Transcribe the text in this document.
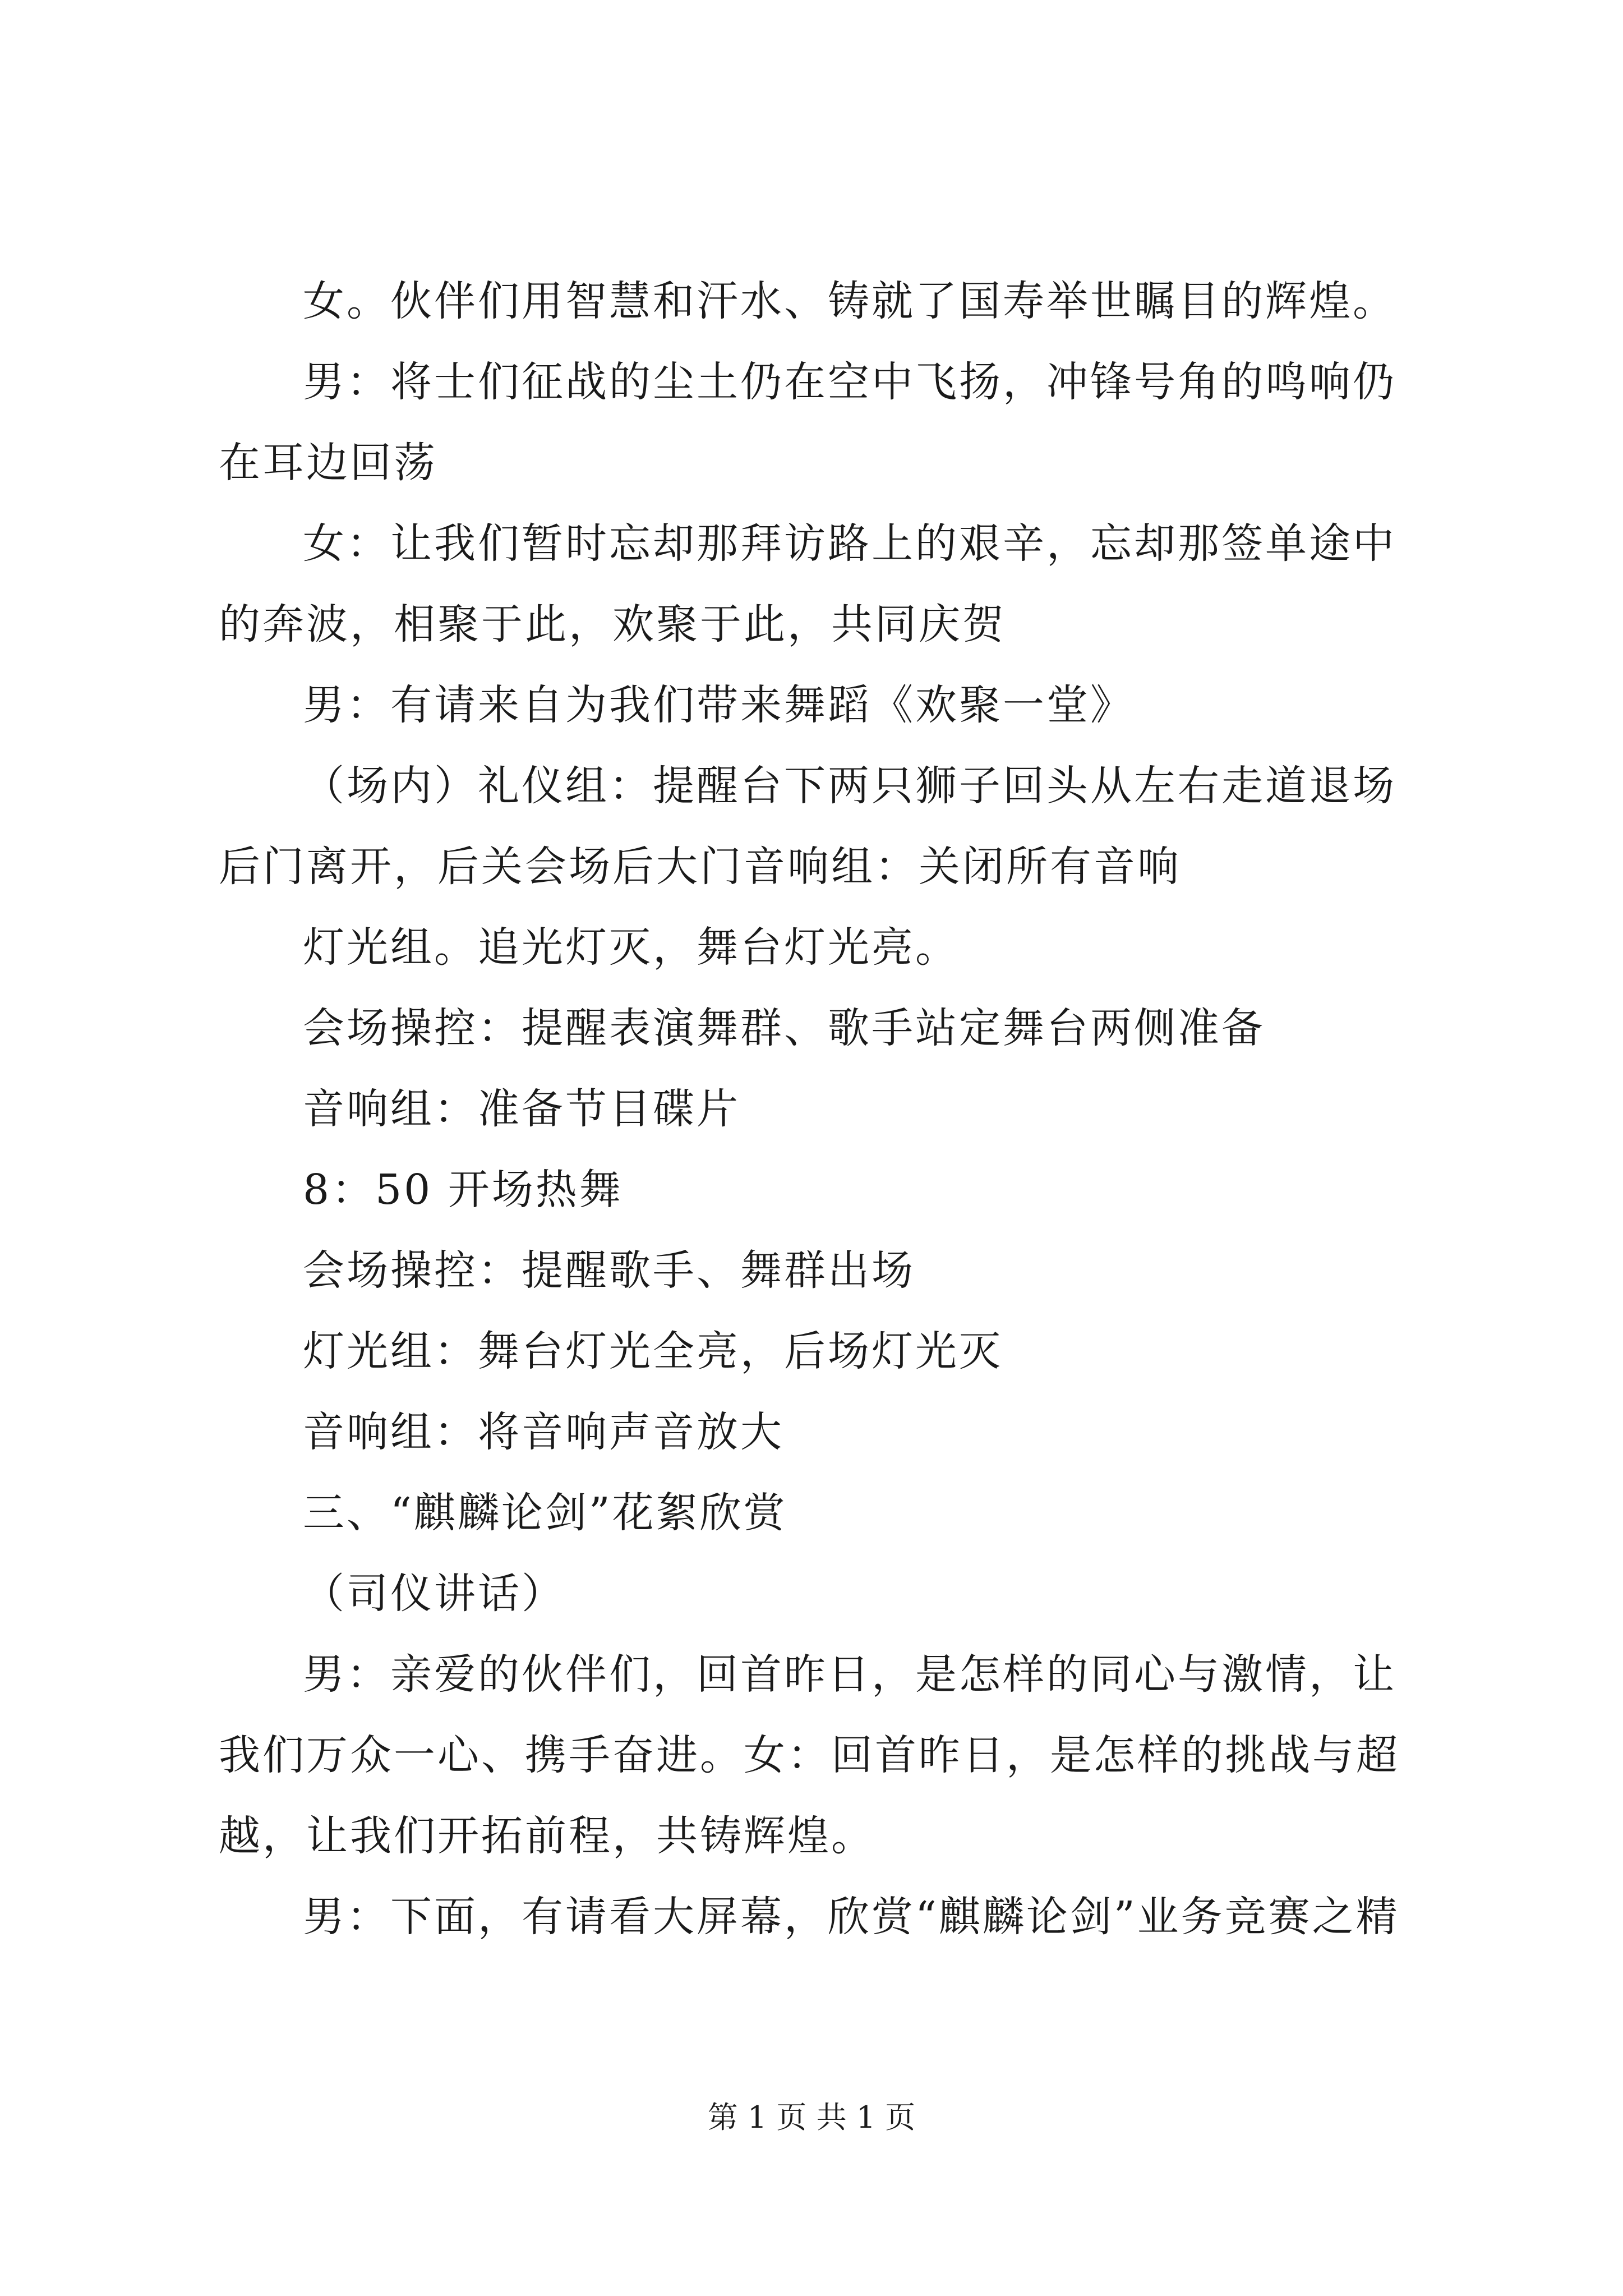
女。伙伴们用智慧和汗水、铸就了国寿举世瞩目的辉煌。

男：将士们征战的尘土仍在空中飞扬，冲锋号角的鸣响仍在耳边回荡

女：让我们暂时忘却那拜访路上的艰辛，忘却那签单途中的奔波，相聚于此，欢聚于此，共同庆贺

男：有请来自为我们带来舞蹈《欢聚一堂》

（场内）礼仪组：提醒台下两只狮子回头从左右走道退场后门离开，后关会场后大门音响组：关闭所有音响

灯光组。追光灯灭，舞台灯光亮。

会场操控：提醒表演舞群、歌手站定舞台两侧准备

音响组：准备节目碟片

8：50 开场热舞

会场操控：提醒歌手、舞群出场

灯光组：舞台灯光全亮，后场灯光灭

音响组：将音响声音放大

三、“麒麟论剑”花絮欣赏

（司仪讲话）

男：亲爱的伙伴们，回首昨日，是怎样的同心与激情，让我们万众一心、携手奋进。女：回首昨日，是怎样的挑战与超越，让我们开拓前程，共铸辉煌。

男：下面，有请看大屏幕，欣赏“麒麟论剑”业务竞赛之精

第 1 页 共 1 页
